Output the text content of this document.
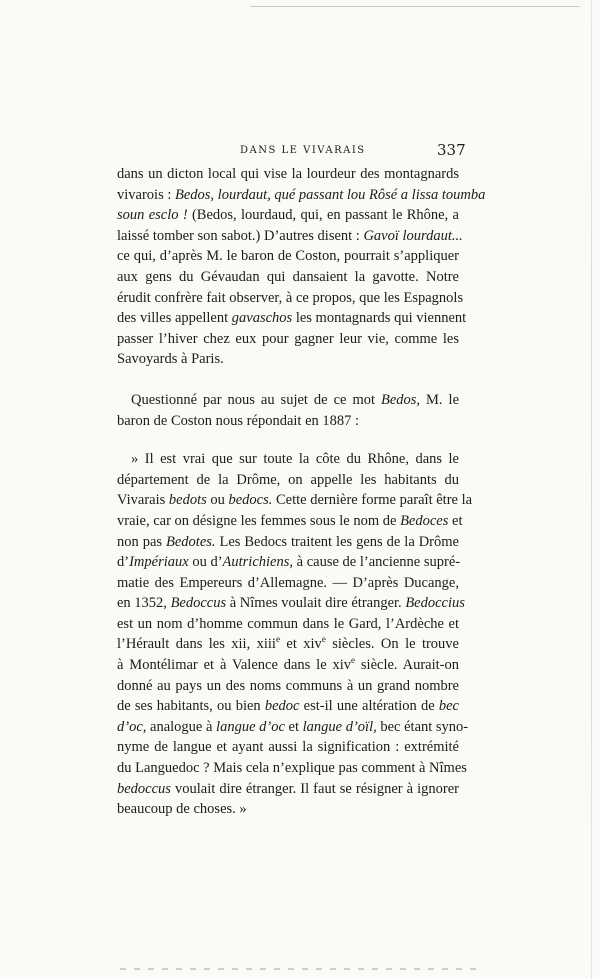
DANS LE VIVARAIS	337
dans un dicton local qui vise la lourdeur des montagnards
vivarois : Bedos, lourdaut, qué passant lou Rôsé a lissa toumba
soun esclo ! (Bedos, lourdaud, qui, en passant le Rhône, a
laissé tomber son sabot.) D’autres disent : Gavoï lourdaut...
ce qui, d’après M. le baron de Coston, pourrait s’appliquer
aux gens du Gévaudan qui dansaient la gavotte. Notre
érudit confrère fait observer, à ce propos, que les Espagnols
des villes appellent gavaschos les montagnards qui viennent
passer l’hiver chez eux pour gagner leur vie, comme les
Savoyards à Paris.
Questionné par nous au sujet de ce mot Bedos, M. le
baron de Coston nous répondait en 1887 :
» Il est vrai que sur toute la côte du Rhône, dans le
département de la Drôme, on appelle les habitants du
Vivarais bedots ou bedocs. Cette dernière forme paraît être la
vraie, car on désigne les femmes sous le nom de Bedoces et
non pas Bedotes. Les Bedocs traitent les gens de la Drôme
d’Impériaux ou d’Autrichiens, à cause de l’ancienne supré-
matie des Empereurs d’Allemagne. — D’après Ducange,
en 1352, Bedoccus à Nîmes voulait dire étranger. Bedoccius
est un nom d’homme commun dans le Gard, l’Ardèche et
l’Hérault dans les xii, xiii$^e$ et xiv$^e$ siècles. On le trouve
à Montélimar et à Valence dans le xiv$^e$ siècle. Aurait-on
donné au pays un des noms communs à un grand nombre
de ses habitants, ou bien bedoc est-il une altération de bec
d’oc, analogue à langue d’oc et langue d’oïl, bec étant syno-
nyme de langue et ayant aussi la signification : extrémité
du Languedoc ? Mais cela n’explique pas comment à Nîmes
bedoccus voulait dire étranger. Il faut se résigner à ignorer
beaucoup de choses. »
